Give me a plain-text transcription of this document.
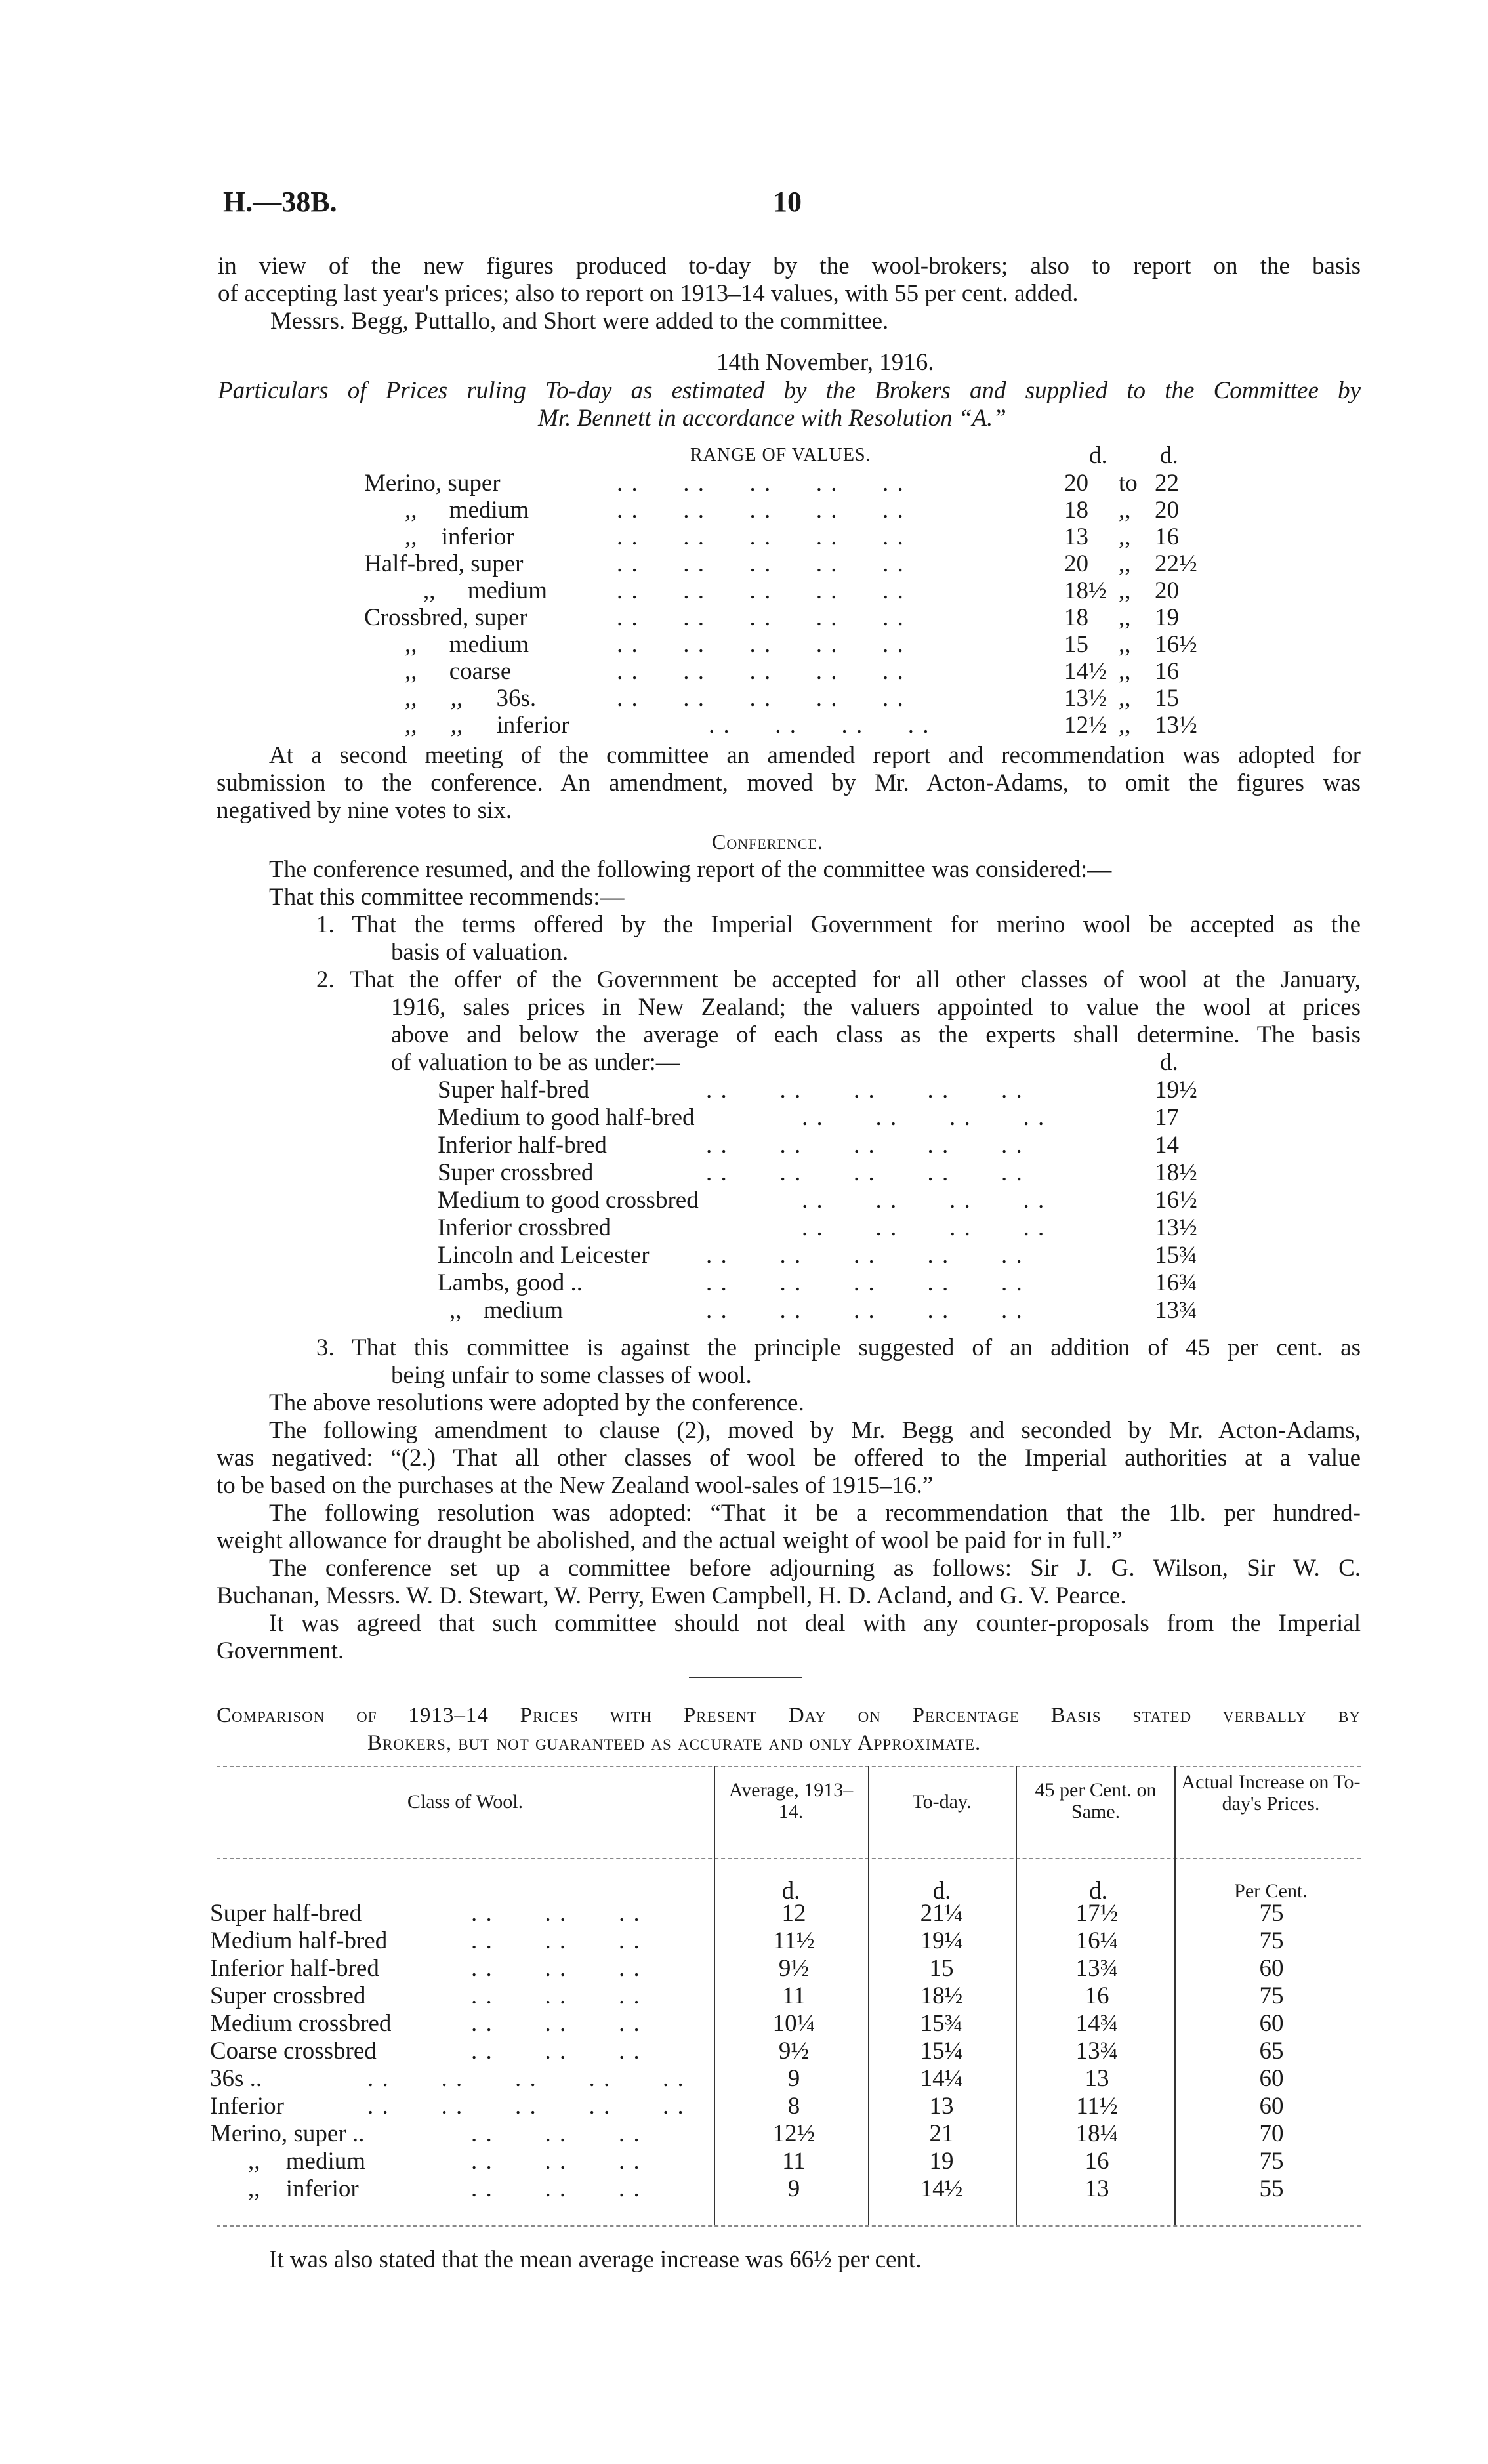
H.—38B.	10
in view of the new figures produced to-day by the wool-brokers; also to report on the basis
of accepting last year's prices; also to report on 1913–14 values, with 55 per cent. added.
Messrs. Begg, Puttallo, and Short were added to the committee.
14th November, 1916.
Particulars of Prices ruling To-day as estimated by the Brokers and supplied to the Committee by
Mr. Bennett in accordance with Resolution “A.”
RANGE OF VALUES.	d. d.
Merino, super	. .      . .      . .      . .      . .	20 to 22
,, medium	. .      . .      . .      . .      . .	18 ,, 20
,, inferior	. .      . .      . .      . .      . .	13 ,, 16
Half-bred, super	. .      . .      . .      . .      . .	20 ,, 22½
,, medium	. .      . .      . .      . .      . .	18½ ,, 20
Crossbred, super	. .      . .      . .      . .      . .	18 ,, 19
,, medium	. .      . .      . .      . .      . .	15 ,, 16½
,, coarse	. .      . .      . .      . .      . .	14½ ,, 16
,, ,, 36s.	. .      . .      . .      . .      . .	13½ ,, 15
,, ,, inferior	. .      . .      . .      . .	12½ ,, 13½
At a second meeting of the committee an amended report and recommendation was adopted for
submission to the conference. An amendment, moved by Mr. Acton-Adams, to omit the figures was
negatived by nine votes to six.
Conference.
The conference resumed, and the following report of the committee was considered:—
That this committee recommends:—
1. That the terms offered by the Imperial Government for merino wool be accepted as the
basis of valuation.
2. That the offer of the Government be accepted for all other classes of wool at the January,
1916, sales prices in New Zealand; the valuers appointed to value the wool at prices
above and below the average of each class as the experts shall determine. The basis
of valuation to be as under:—	d.
Super half-bred	. .       . .       . .       . .       . .	19½
Medium to good half-bred	. .       . .       . .       . .	17
Inferior half-bred	. .       . .       . .       . .       . .	14
Super crossbred	. .       . .       . .       . .       . .	18½
Medium to good crossbred	. .       . .       . .       . .	16½
Inferior crossbred	. .       . .       . .       . .	13½
Lincoln and Leicester . .       . .       . .       . .       . .	15¾
Lambs, good ..	. .       . .       . .       . .       . .	16¾
,, medium	. .       . .       . .       . .       . .	13¾
3. That this committee is against the principle suggested of an addition of 45 per cent. as
being unfair to some classes of wool.
The above resolutions were adopted by the conference.
The following amendment to clause (2), moved by Mr. Begg and seconded by Mr. Acton-Adams,
was negatived: “(2.) That all other classes of wool be offered to the Imperial authorities at a value
to be based on the purchases at the New Zealand wool-sales of 1915–16.”
The following resolution was adopted: “That it be a recommendation that the 1lb. per hundred-
weight allowance for draught be abolished, and the actual weight of wool be paid for in full.”
The conference set up a committee before adjourning as follows: Sir J. G. Wilson, Sir W. C.
Buchanan, Messrs. W. D. Stewart, W. Perry, Ewen Campbell, H. D. Acland, and G. V. Pearce.
It was agreed that such committee should not deal with any counter-proposals from the Imperial
Government.
Comparison of 1913–14 Prices with Present Day on Percentage Basis stated verbally by
Brokers, but not guaranteed as accurate and only Approximate.
Class of Wool.
Average, 1913–14.	To-day.
45 per Cent. on Same.
Actual Increase on To-day's Prices.
d.	d.	d.	Per Cent.
Super half-bred	. .       . .       . .	12	21¼	17½	75
Medium half-bred	. .       . .       . .	11½	19¼	16¼	75
Inferior half-bred	. .       . .       . .	9½	15	13¾	60
Super crossbred	. .       . .       . .	11	18½	16	75
Medium crossbred	. .       . .       . .	10¼	15¾	14¾	60
Coarse crossbred	. .       . .       . .	9½	15¼	13¾	65
36s ..	. .       . .       . .       . .       . .	9	14¼	13	60
Inferior	. .       . .       . .       . .       . .	8	13	11½	60
Merino, super ..	. .       . .       . .	12½	21	18¼	70
,, medium	. .       . .       . .	11	19	16	75
,, inferior	. .       . .       . .	9	14½	13	55
It was also stated that the mean average increase was 66½ per cent.
